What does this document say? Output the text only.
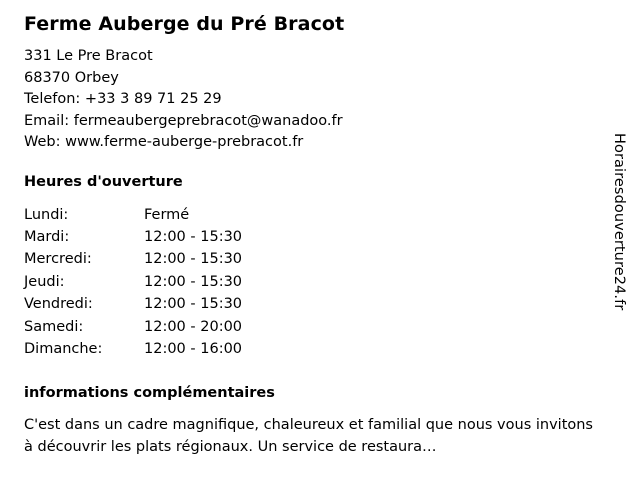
Ferme Auberge du Pré Bracot
331 Le Pre Bracot
68370 Orbey
Telefon: +33 3 89 71 25 29
Email: fermeaubergeprebracot@wanadoo.fr
Web: www.ferme-auberge-prebracot.fr
Heures d'ouverture
Lundi:	Fermé
Mardi:	12:00 - 15:30
Mercredi:	12:00 - 15:30
Jeudi:	12:00 - 15:30
Vendredi:	12:00 - 15:30
Samedi:	12:00 - 20:00
Dimanche:	12:00 - 16:00
informations complémentaires
C'est dans un cadre magnifique, chaleureux et familial que nous vous invitons à découvrir les plats régionaux. Un service de restaura…
Horairesdouverture24.fr
